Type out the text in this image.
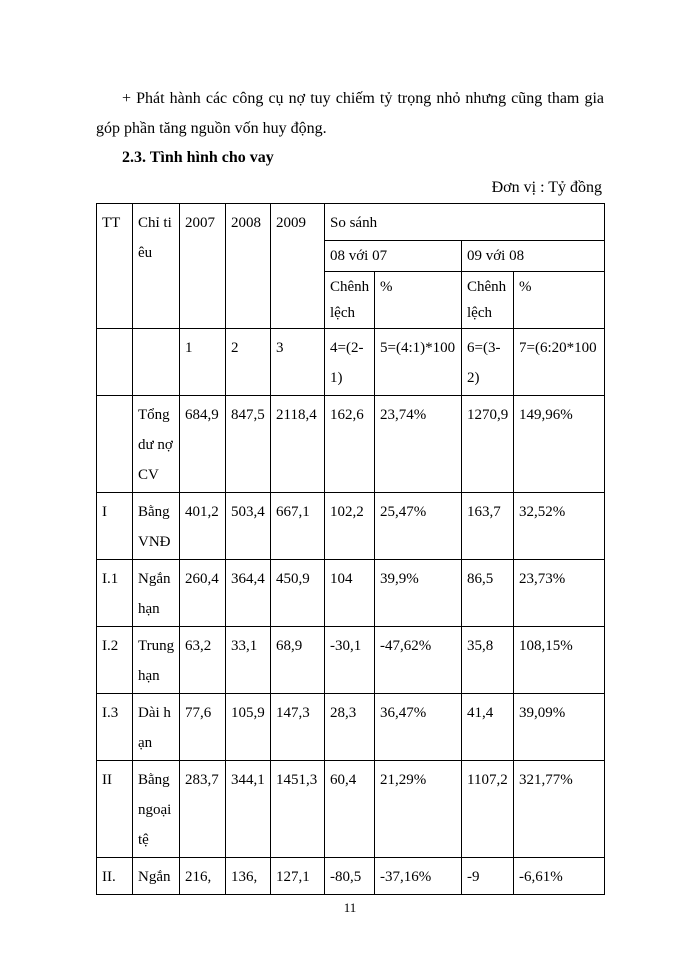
+ Phát hành các công cụ nợ tuy chiếm tỷ trọng nhỏ nhưng cũng tham gia

góp phần tăng nguồn vốn huy động.

2.3. Tình hình cho vay
Đơn vị : Tỷ đồng
TT	Chỉ tiêu	2007	2008	2009	So sánh			
					08 với 07		09 với 08	
					Chênh lệch	%	Chênh lệch	%
		1	2	3	4=(2-1)	5=(4:1)*100	6=(3-2)	7=(6:20*100
	Tổng dư nợ CV	684,9	847,5	2118,4	162,6	23,74%	1270,9	149,96%
I	Bằng VNĐ	401,2	503,4	667,1	102,2	25,47%	163,7	32,52%
I.1	Ngắn hạn	260,4	364,4	450,9	104	39,9%	86,5	23,73%
I.2	Trung hạn	63,2	33,1	68,9	-30,1	-47,62%	35,8	108,15%
I.3	Dài hạn	77,6	105,9	147,3	28,3	36,47%	41,4	39,09%
II	Bằng ngoại tệ	283,7	344,1	1451,3	60,4	21,29%	1107,2	321,77%
II.	Ngắn	216,	136,	127,1	-80,5	-37,16%	-9	-6,61%
11
